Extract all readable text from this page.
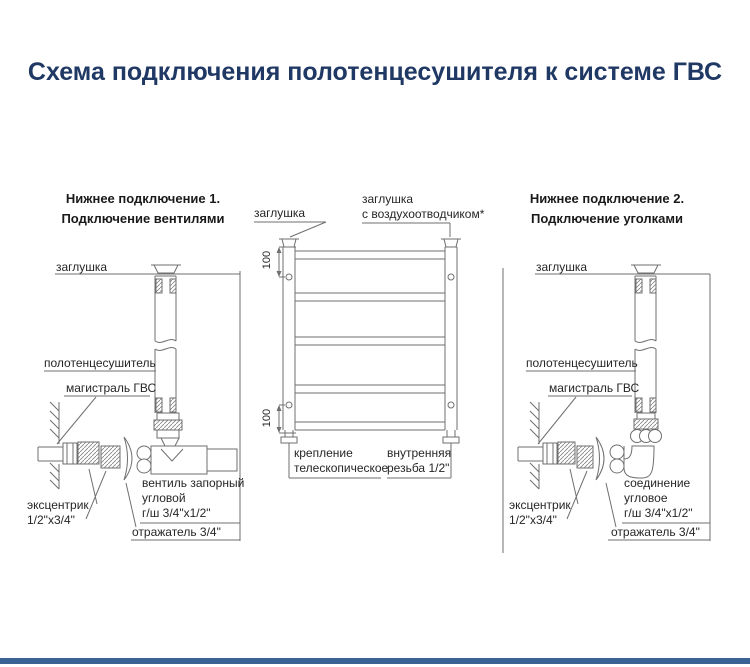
Схема подключения полотенцесушителя к системе ГВС
Нижнее подключение 1.
Подключение вентилями
Нижнее подключение 2.
Подключение уголками
заглушка
полотенцесушитель
магистраль ГВС
эксцентрик
1/2"х3/4"
вентиль запорный
угловой
г/ш 3/4"х1/2"
отражатель 3/4"
заглушка
заглушка
с воздухоотводчиком*
100
100
крепление
телескопическое
внутренняя
резьба 1/2"
заглушка
полотенцесушитель
магистраль ГВС
эксцентрик
1/2"х3/4"
соединение
угловое
г/ш 3/4"х1/2"
отражатель 3/4"
